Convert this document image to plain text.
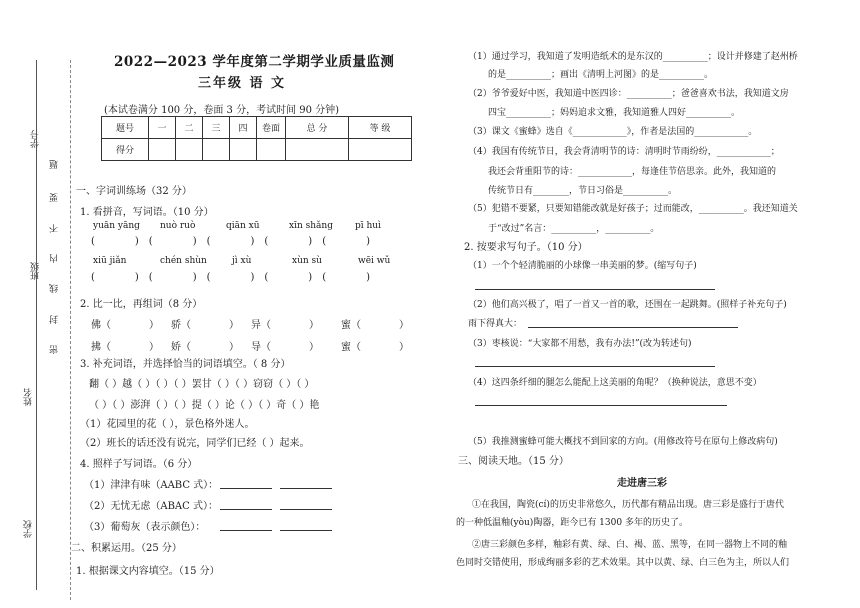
学号
班级
姓名
学校
题
要
不
内
线
封
密
2022—2023 学年度第二学期学业质量监测
三年级 语 文
(本试卷满分 100 分，卷面 3 分，考试时间 90 分钟)
题号	一	二	三	四	卷面	总 分	等 级
得分							
一、字词训练场（32 分）
1. 看拼音，写词语。（10 分）
yuān yāng nuò ruò	qiān xū	xīn shǎng pī huì
(    ) (    ) (    ) (    ) (    )
xiū jiǎn	chén shùn	jì xù	xùn sù	wēi wǔ
(    ) (    ) (    ) (    ) (    )
2. 比一比，再组词（8 分）
佛（	） 骄（	） 异（	） 蜜（	）
拂（	） 娇（	） 导（	） 蜜（	）
3. 补充词语，并选择恰当的词语填空。（ 8 分）
翻（ ）越（ ）（ ）（ ）罢甘（ ）（ ）窃窃（ ）（ ）
（ ）（ ）澎湃（ ）（ ）提（ ）论（ ）（ ）奇（ ）艳
（1）花园里的花（ ），景色格外迷人。
（2）班长的话还没有说完，同学们已经（ ）起来。
4. 照样子写词语。（6 分）
（1）津津有味（AABC 式）：
（2）无忧无虑（ABAC 式）：
（3）葡萄灰（表示颜色）：
二、积累运用。（25 分）
1. 根据课文内容填空。（15 分）
（1）通过学习，我知道了发明造纸术的是东汉的__________；设计并修建了赵州桥
的是__________；画出《清明上河图》的是__________。
（2）爷爷爱好中医，我知道中医四诊：__________；爸爸喜欢书法，我知道文房
四宝__________；妈妈追求文雅，我知道雅人四好__________。
（3）课文《蜜蜂》选自《____________》，作者是法国的____________。
（4）我国有传统节日，我会背清明节的诗：清明时节雨纷纷，____________；
我还会背重阳节的诗：____________，每逢佳节倍思亲。此外，我知道的
传统节日有________，节日习俗是__________。
（5）犯错不要紧，只要知错能改就是好孩子；过而能改，__________。我还知道关
于“改过”名言：__________，__________。
2. 按要求写句子。（10 分）
（1）一个个轻清脆丽的小球像一串美丽的梦。(缩写句子)
（2）他们高兴极了，唱了一首又一首的歌，还围在一起跳舞。(照样子补充句子)
雨下得真大：
（3）枣核说：“大家都不用愁，我有办法!”(改为转述句)
（4）这四条纤细的腿怎么能配上这美丽的角呢？（换种说法，意思不变）
（5）我推测蜜蜂可能大概找不到回家的方向。(用修改符号在原句上修改病句)
三、阅读天地。（15 分）
走进唐三彩
①在我国，陶瓷(cí)的历史非常悠久，历代都有精品出现。唐三彩是盛行于唐代
的一种低温釉(yòu)陶器，距今已有 1300 多年的历史了。
②唐三彩颜色多样，釉彩有黄、绿、白、褐、蓝、黑等，在同一器物上不同的釉
色同时交错使用，形成绚丽多彩的艺术效果。其中以黄、绿、白三色为主，所以人们
